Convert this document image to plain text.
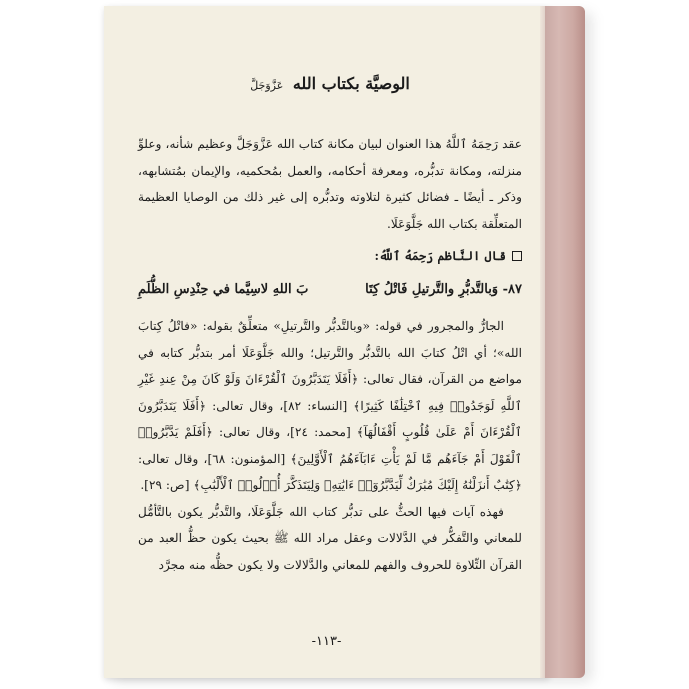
الوصيَّة بكتاب الله عَزَّوَجَلَّ

عقد رَحِمَهُ ٱللَّهُ هذا العنوان لبيان مكانة كتاب الله عَزَّوَجَلَّ وعظيم شأنه، وعلوِّ منزلته، ومكانة تدبُّره، ومعرفة أحكامه، والعمل بمُحكميه، والإيمان بمُتشابهه، وذكر ـ أيضًا ـ فضائل كثيرة لتلاوته وتدبُّره إلى غير ذلك من الوصايا العظيمة المتعلِّقة بكتاب الله جَلَّوَعَلَا.

قال النَّاظم رَحِمَهُ ٱللَّهُ:
٨٧- وَبالتَّدبُّرِ والتَّرتيلِ فَاتْلُ كِتَا
بَ اللهِ لاسِيَّما في حِنْدِسِ الظُّلَمِ

الجارُّ والمجرور في قوله: «وبالتَّدبُّر والتَّرتيلِ» متعلِّقٌ بقوله: «فاتْلُ كِتابَ الله»؛ أي اتْلُ كتابَ الله بالتَّدبُّر والتَّرتيل؛ والله جَلَّوَعَلَا أمر بتدبُّر كتابه في مواضع من القرآن، فقال تعالى: ﴿أَفَلَا يَتَدَبَّرُونَ ٱلْقُرْءَانَ وَلَوْ كَانَ مِنْ عِندِ غَيْرِ ٱللَّهِ لَوَجَدُوا۟ فِيهِ ٱخْتِلَٰفًا كَثِيرًا﴾ [النساء: ٨٢]، وقال تعالى: ﴿أَفَلَا يَتَدَبَّرُونَ ٱلْقُرْءَانَ أَمْ عَلَىٰ قُلُوبٍ أَقْفَالُهَآ﴾ [محمد: ٢٤]، وقال تعالى: ﴿أَفَلَمْ يَدَّبَّرُوا۟ ٱلْقَوْلَ أَمْ جَآءَهُم مَّا لَمْ يَأْتِ ءَابَآءَهُمُ ٱلْأَوَّلِينَ﴾ [المؤمنون: ٦٨]، وقال تعالى: ﴿كِتَٰبٌ أَنزَلْنَٰهُ إِلَيْكَ مُبَٰرَكٌ لِّيَدَّبَّرُوٓا۟ ءَايَٰتِهِۦ وَلِيَتَذَكَّرَ أُو۟لُوا۟ ٱلْأَلْبَٰبِ﴾ [ص: ٢٩].

فهذه آيات فيها الحثُّ على تدبُّر كتاب الله جَلَّوَعَلَا، والتَّدبُّر يكون بالتَّأمُّل للمعاني والتَّفكُّر في الدَّلالات وعقل مراد الله ﷺ بحيث يكون حظُّ العبد من القرآن التِّلاوة للحروف والفهم للمعاني والدَّلالات ولا يكون حظُّه منه مجرَّد

-١١٣-
